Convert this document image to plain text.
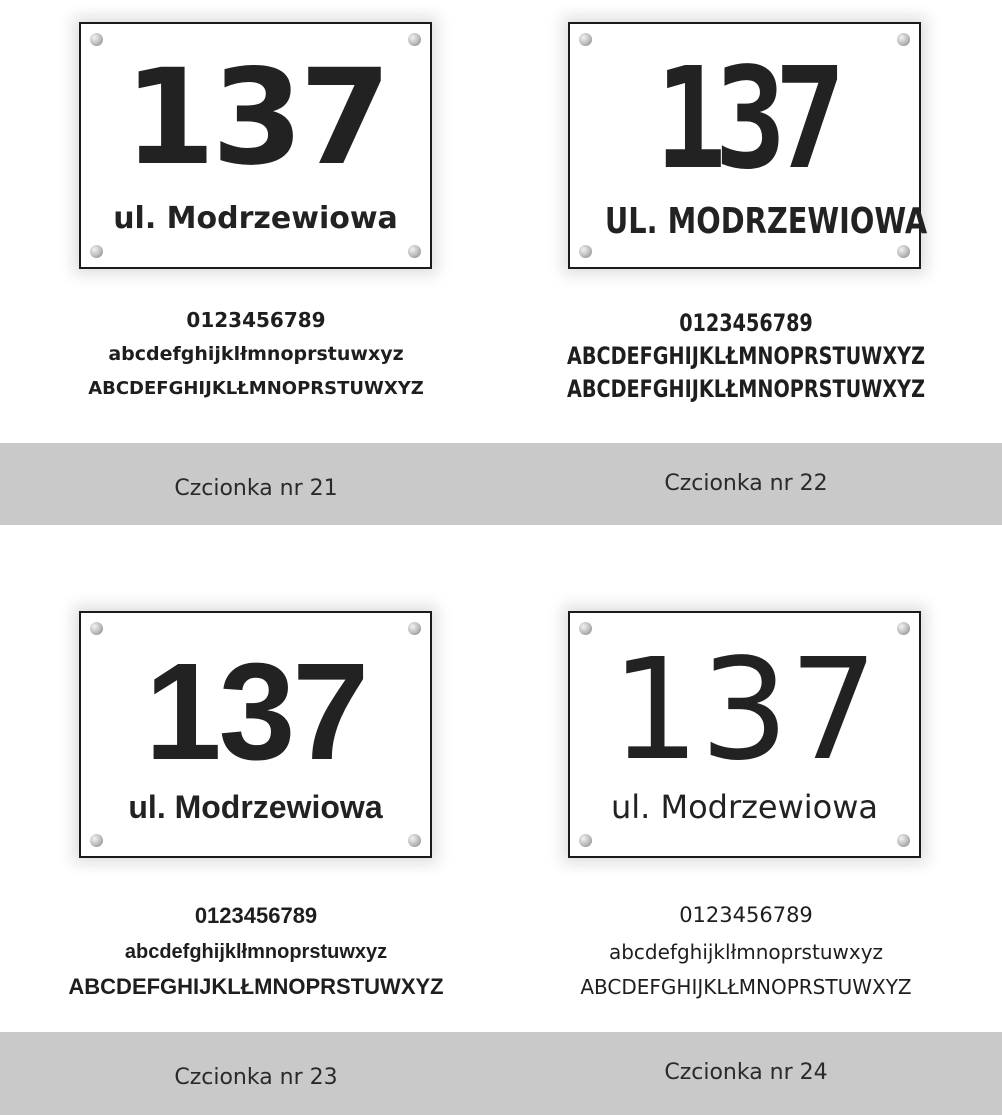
137
ul. Modrzewiowa
0123456789
abcdefghijklłmnoprstuwxyz
ABCDEFGHIJKLŁMNOPRSTUWXYZ
Czcionka nr 21
137
UL. MODRZEWIOWA
0123456789
ABCDEFGHIJKLŁMNOPRSTUWXYZ
ABCDEFGHIJKLŁMNOPRSTUWXYZ
Czcionka nr 22
137
ul. Modrzewiowa
0123456789
abcdefghijklłmnoprstuwxyz
ABCDEFGHIJKLŁMNOPRSTUWXYZ
Czcionka nr 23
137
ul. Modrzewiowa
0123456789
abcdefghijklłmnoprstuwxyz
ABCDEFGHIJKLŁMNOPRSTUWXYZ
Czcionka nr 24
